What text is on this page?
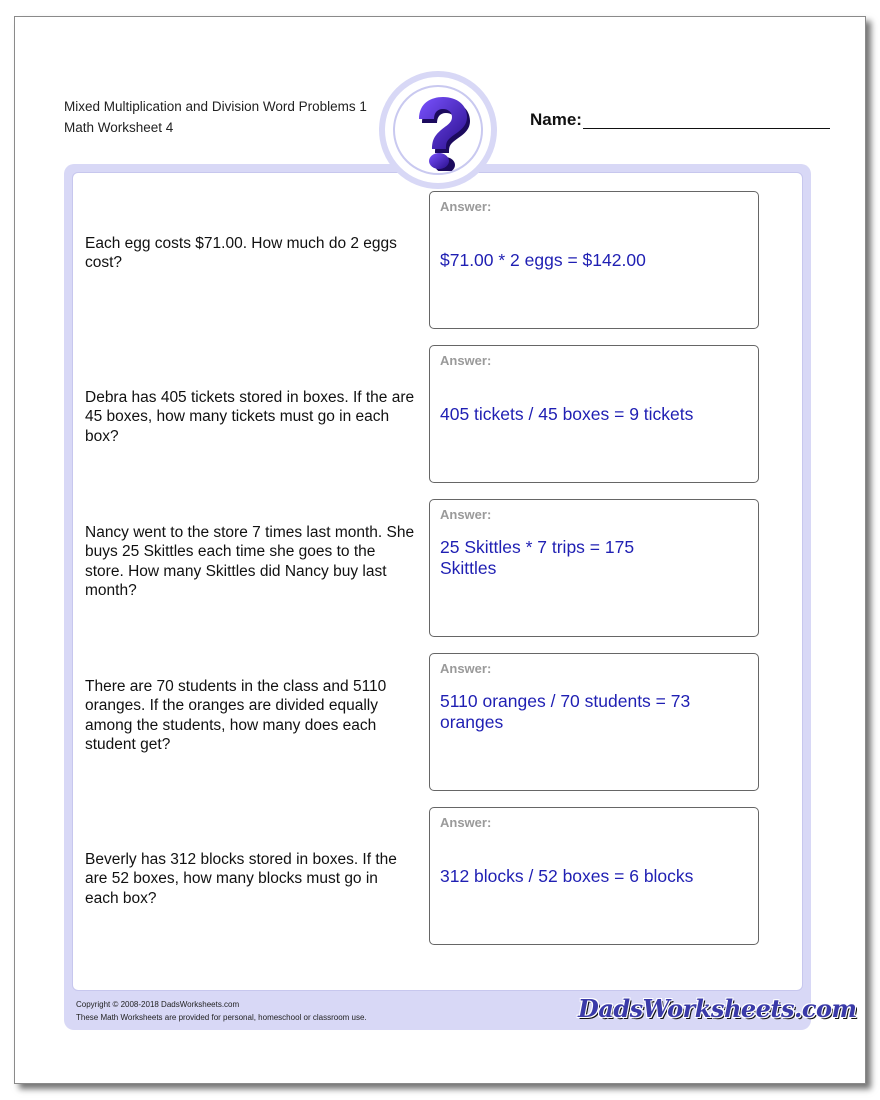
Mixed Multiplication and Division Word Problems 1
Math Worksheet 4	Name:
Each egg costs $71.00. How much do 2 eggs cost?
Answer:
$71.00 * 2 eggs = $142.00
Debra has 405 tickets stored in boxes. If the are 45 boxes, how many tickets must go in each box?
Answer:
405 tickets / 45 boxes = 9 tickets
Nancy went to the store 7 times last month. She buys 25 Skittles each time she goes to the store. How many Skittles did Nancy buy last month?
Answer:
25 Skittles * 7 trips = 175 Skittles
There are 70 students in the class and 5110 oranges. If the oranges are divided equally among the students, how many does each student get?
Answer:
5110 oranges / 70 students = 73 oranges
Beverly has 312 blocks stored in boxes. If the are 52 boxes, how many blocks must go in each box?
Answer:
312 blocks / 52 boxes = 6 blocks
Copyright © 2008-2018 DadsWorksheets.com
These Math Worksheets are provided for personal, homeschool or classroom use.	DadsWorksheets.com
